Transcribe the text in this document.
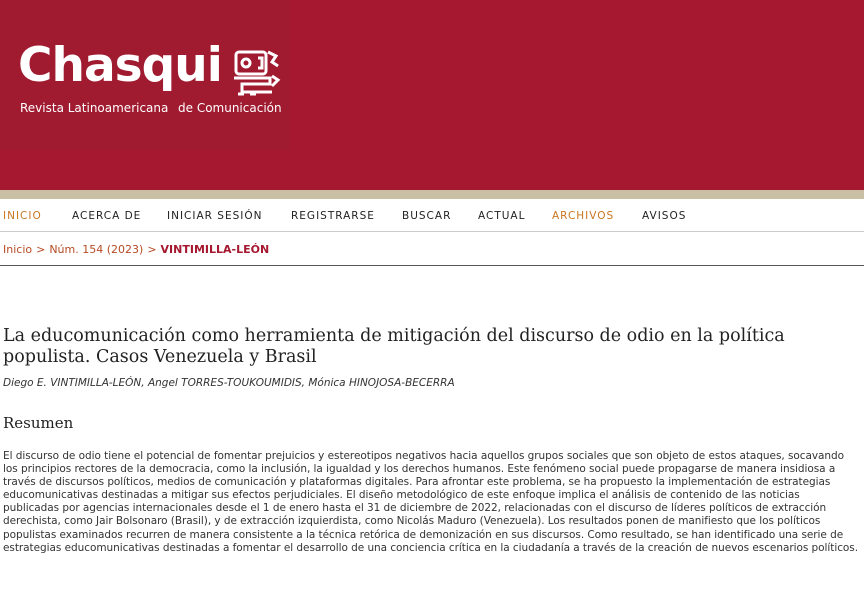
Chasqui
Revista Latinoamericana de Comunicación
INICIO	ACERCA DE INICIAR SESIÓN	REGISTRARSE	BUSCAR	ACTUAL	ARCHIVOS	AVISOS
Inicio > Núm. 154 (2023) > VINTIMILLA-LEÓN
La educomunicación como herramienta de mitigación del discurso de odio en la política populista. Casos Venezuela y Brasil
Diego E. VINTIMILLA-LEÓN, Angel TORRES-TOUKOUMIDIS, Mónica HINOJOSA-BECERRA
Resumen

El discurso de odio tiene el potencial de fomentar prejuicios y estereotipos negativos hacia aquellos grupos sociales que son objeto de estos ataques, socavando los principios rectores de la democracia, como la inclusión, la igualdad y los derechos humanos. Este fenómeno social puede propagarse de manera insidiosa a través de discursos políticos, medios de comunicación y plataformas digitales. Para afrontar este problema, se ha propuesto la implementación de estrategias educomunicativas destinadas a mitigar sus efectos perjudiciales. El diseño metodológico de este enfoque implica el análisis de contenido de las noticias publicadas por agencias internacionales desde el 1 de enero hasta el 31 de diciembre de 2022, relacionadas con el discurso de líderes políticos de extracción derechista, como Jair Bolsonaro (Brasil), y de extracción izquierdista, como Nicolás Maduro (Venezuela). Los resultados ponen de manifiesto que los políticos populistas examinados recurren de manera consistente a la técnica retórica de demonización en sus discursos. Como resultado, se han identificado una serie de estrategias educomunicativas destinadas a fomentar el desarrollo de una conciencia crítica en la ciudadanía a través de la creación de nuevos escenarios políticos.
